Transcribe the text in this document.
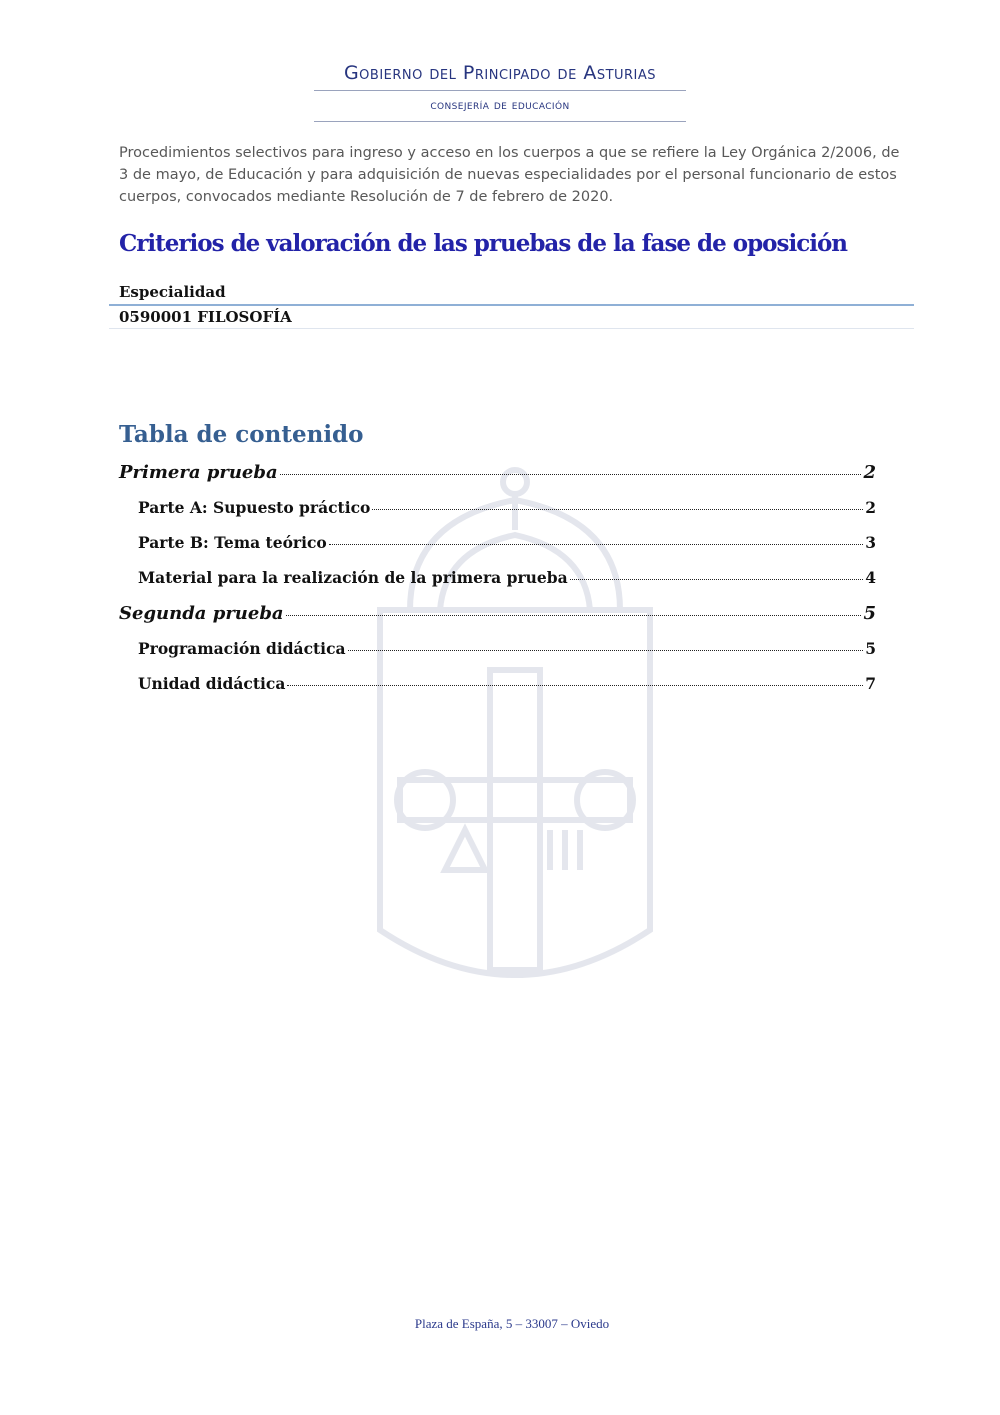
Gobierno del Principado de Asturias
consejería de educación

Procedimientos selectivos para ingreso y acceso en los cuerpos a que se refiere la Ley Orgánica 2/2006, de 3 de mayo, de Educación y para adquisición de nuevas especialidades por el personal funcionario de estos cuerpos, convocados mediante Resolución de 7 de febrero de 2020.

Criterios de valoración de las pruebas de la fase de oposición
Especialidad
0590001 FILOSOFÍA
Tabla de contenido
Primera prueba	2
Parte A: Supuesto práctico	2
Parte B: Tema teórico	3
Material para la realización de la primera prueba	4
Segunda prueba	5
Programación didáctica	5
Unidad didáctica	7
Plaza de España, 5 – 33007 – Oviedo
